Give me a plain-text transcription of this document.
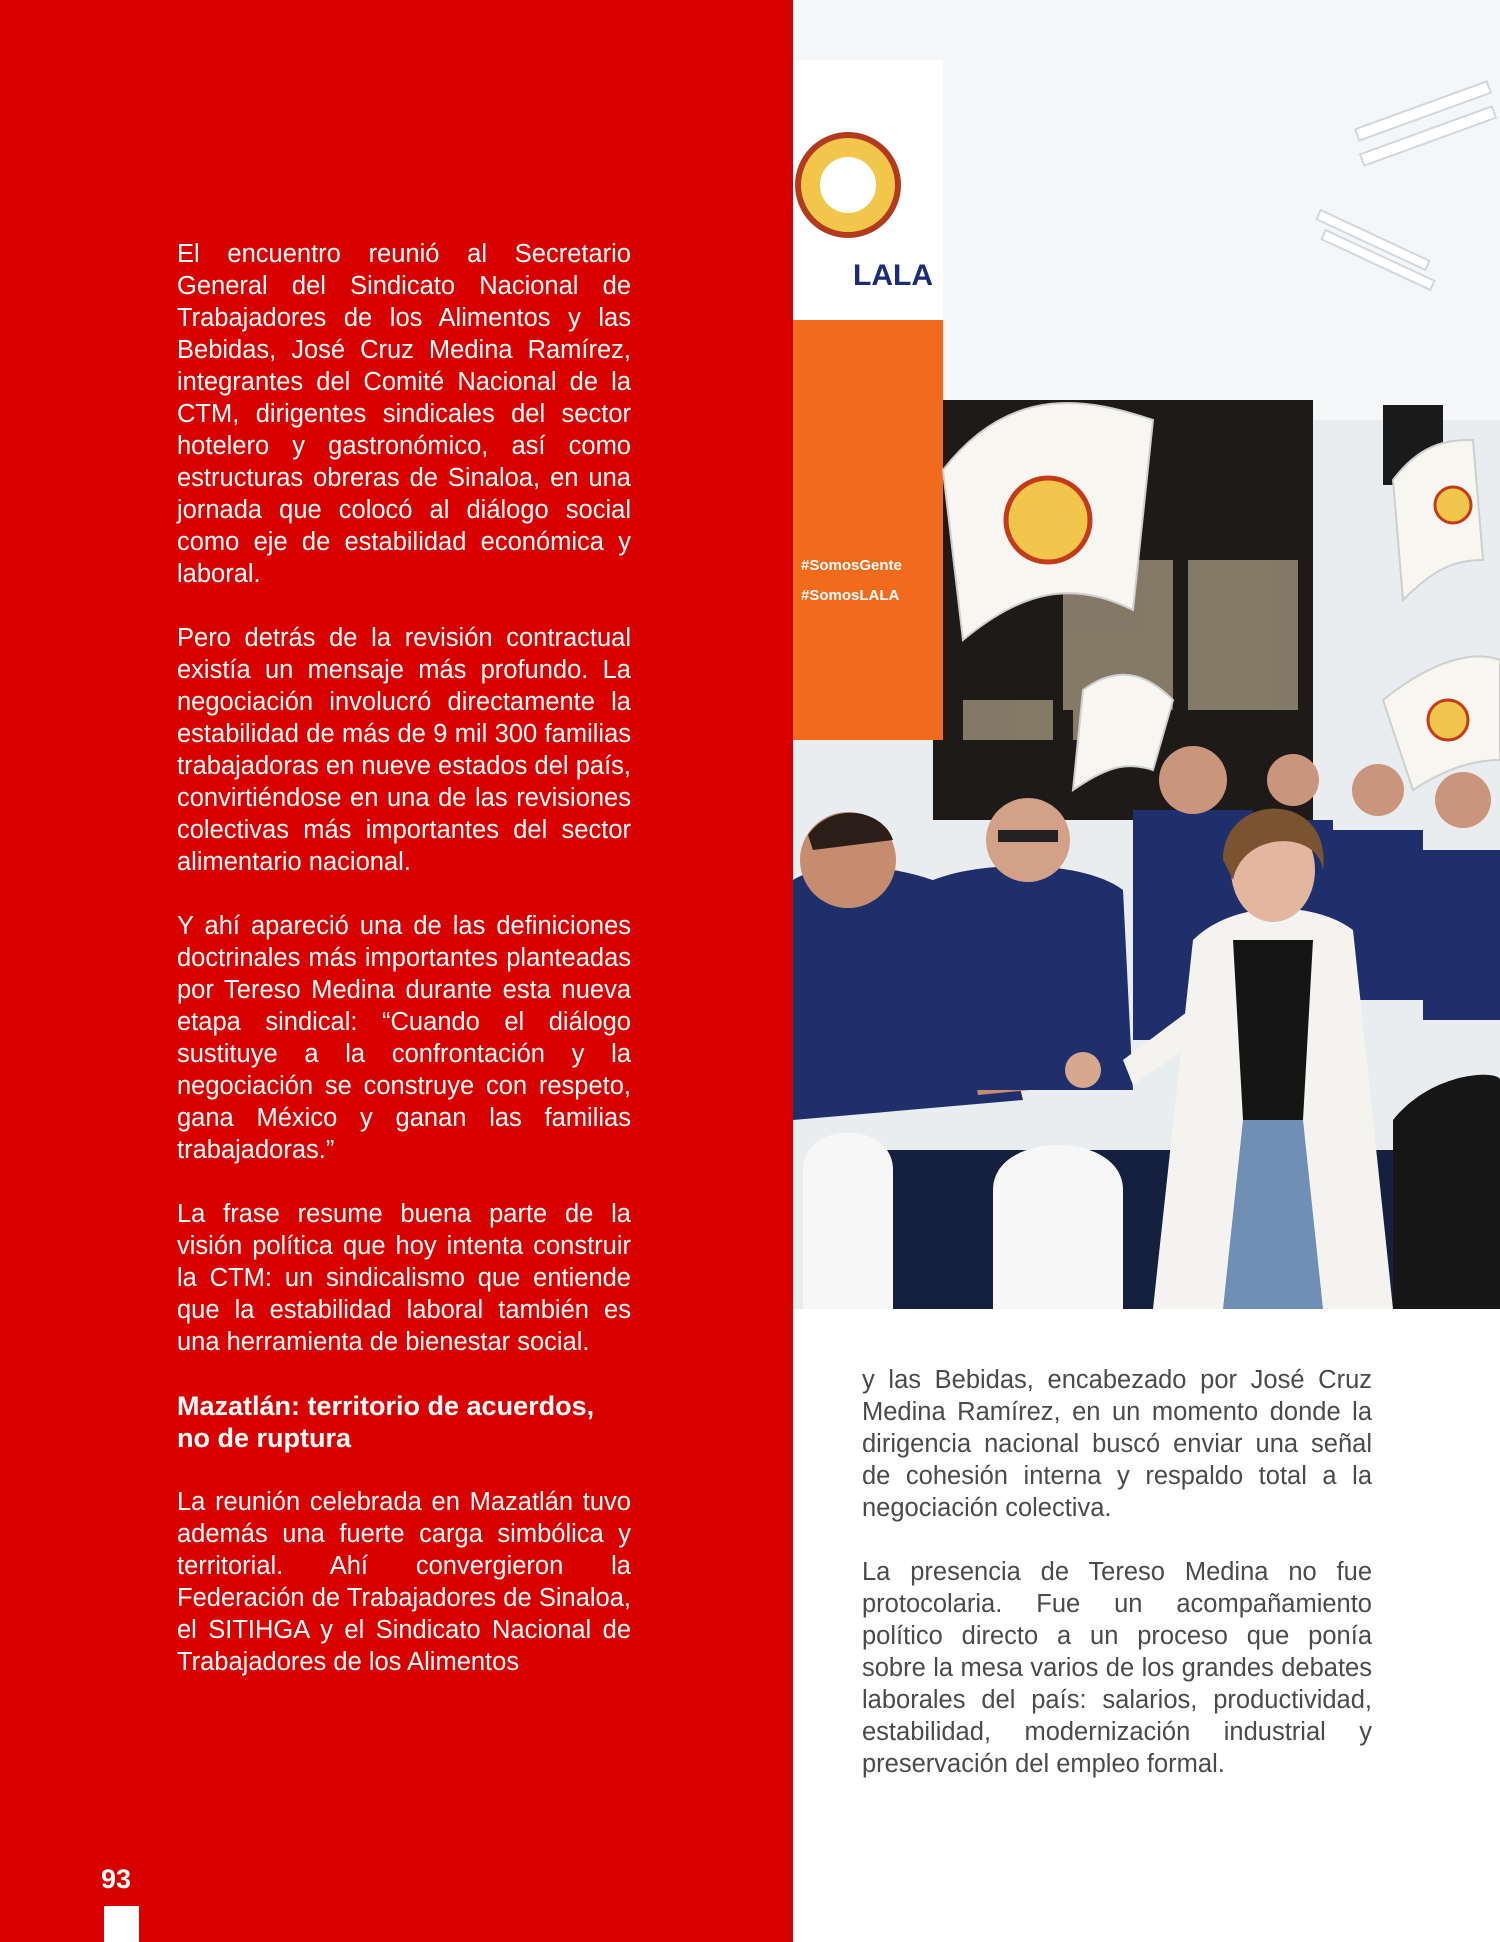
El encuentro reunió al Secretario General del Sindicato Nacional de Trabajadores de los Alimentos y las Bebidas, José Cruz Medina Ramírez, integrantes del Comité Nacional de la CTM, dirigentes sindicales del sector hotelero y gastronómico, así como estructuras obreras de Sinaloa, en una jornada que colocó al diálogo social como eje de estabilidad económica y laboral.

Pero detrás de la revisión contractual existía un mensaje más profundo. La negociación involucró directamente la estabilidad de más de 9 mil 300 familias trabajadoras en nueve estados del país, convirtiéndose en una de las revisiones colectivas más importantes del sector alimentario nacional.

Y ahí apareció una de las definiciones doctrinales más importantes planteadas por Tereso Medina durante esta nueva etapa sindical: “Cuando el diálogo sustituye a la confrontación y la negociación se construye con respeto, gana México y ganan las familias trabajadoras.”

La frase resume buena parte de la visión política que hoy intenta construir la CTM: un sindicalismo que entiende que la estabilidad laboral también es una herramienta de bienestar social.

Mazatlán: territorio de acuerdos, no de ruptura

La reunión celebrada en Mazatlán tuvo además una fuerte carga simbólica y territorial. Ahí convergieron la Federación de Trabajadores de Sinaloa, el SITIHGA y el Sindicato Nacional de Trabajadores de los Alimentos

93
LALA
#SomosGente
#SomosLALA

y las Bebidas, encabezado por José Cruz Medina Ramírez, en un momento donde la dirigencia nacional buscó enviar una señal de cohesión interna y respaldo total a la negociación colectiva.

La presencia de Tereso Medina no fue protocolaria. Fue un acompañamiento político directo a un proceso que ponía sobre la mesa varios de los grandes debates laborales del país: salarios, productividad, estabilidad, modernización industrial y preservación del empleo formal.
